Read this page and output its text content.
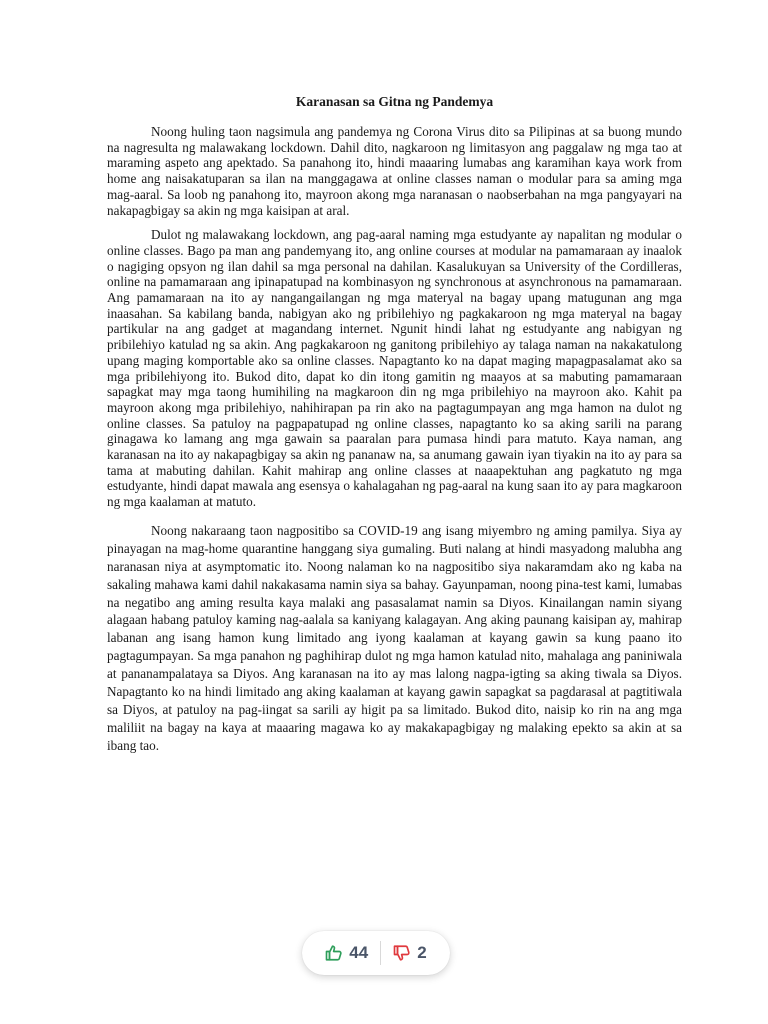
Karanasan sa Gitna ng Pandemya

Noong huling taon nagsimula ang pandemya ng Corona Virus dito sa Pilipinas at sa buong mundo na nagresulta ng malawakang lockdown. Dahil dito, nagkaroon ng limitasyon ang paggalaw ng mga tao at maraming aspeto ang apektado. Sa panahong ito, hindi maaaring lumabas ang karamihan kaya work from home ang naisakatuparan sa ilan na manggagawa at online classes naman o modular para sa aming mga mag-aaral. Sa loob ng panahong ito, mayroon akong mga naranasan o naobserbahan na mga pangyayari na nakapagbigay sa akin ng mga kaisipan at aral.

Dulot ng malawakang lockdown, ang pag-aaral naming mga estudyante ay napalitan ng modular o online classes. Bago pa man ang pandemyang ito, ang online courses at modular na pamamaraan ay inaalok o nagiging opsyon ng ilan dahil sa mga personal na dahilan. Kasalukuyan sa University of the Cordilleras, online na pamamaraan ang ipinapatupad na kombinasyon ng synchronous at asynchronous na pamamaraan. Ang pamamaraan na ito ay nangangailangan ng mga materyal na bagay upang matugunan ang mga inaasahan. Sa kabilang banda, nabigyan ako ng pribilehiyo ng pagkakaroon ng mga materyal na bagay partikular na ang gadget at magandang internet. Ngunit hindi lahat ng estudyante ang nabigyan ng pribilehiyo katulad ng sa akin. Ang pagkakaroon ng ganitong pribilehiyo ay talaga naman na nakakatulong upang maging komportable ako sa online classes. Napagtanto ko na dapat maging mapagpasalamat ako sa mga pribilehiyong ito. Bukod dito, dapat ko din itong gamitin ng maayos at sa mabuting pamamaraan sapagkat may mga taong humihiling na magkaroon din ng mga pribilehiyo na mayroon ako. Kahit pa mayroon akong mga pribilehiyo, nahihirapan pa rin ako na pagtagumpayan ang mga hamon na dulot ng online classes. Sa patuloy na pagpapatupad ng online classes, napagtanto ko sa aking sarili na parang ginagawa ko lamang ang mga gawain sa paaralan para pumasa hindi para matuto. Kaya naman, ang karanasan na ito ay nakapagbigay sa akin ng pananaw na, sa anumang gawain iyan tiyakin na ito ay para sa tama at mabuting dahilan. Kahit mahirap ang online classes at naaapektuhan ang pagkatuto ng mga estudyante, hindi dapat mawala ang esensya o kahalagahan ng pag-aaral na kung saan ito ay para magkaroon ng mga kaalaman at matuto.

Noong nakaraang taon nagpositibo sa COVID-19 ang isang miyembro ng aming pamilya. Siya ay pinayagan na mag-home quarantine hanggang siya gumaling. Buti nalang at hindi masyadong malubha ang naranasan niya at asymptomatic ito. Noong nalaman ko na nagpositibo siya nakaramdam ako ng kaba na sakaling mahawa kami dahil nakakasama namin siya sa bahay. Gayunpaman, noong pina-test kami, lumabas na negatibo ang aming resulta kaya malaki ang pasasalamat namin sa Diyos. Kinailangan namin siyang alagaan habang patuloy kaming nag-aalala sa kaniyang kalagayan. Ang aking paunang kaisipan ay, mahirap labanan ang isang hamon kung limitado ang iyong kaalaman at kayang gawin sa kung paano ito pagtagumpayan. Sa mga panahon ng paghihirap dulot ng mga hamon katulad nito, mahalaga ang paniniwala at pananampalataya sa Diyos. Ang karanasan na ito ay mas lalong nagpa-igting sa aking tiwala sa Diyos. Napagtanto ko na hindi limitado ang aking kaalaman at kayang gawin sapagkat sa pagdarasal at pagtitiwala sa Diyos, at patuloy na pag-iingat sa sarili ay higit pa sa limitado. Bukod dito, naisip ko rin na ang mga maliliit na bagay na kaya at maaaring magawa ko ay makakapagbigay ng malaking epekto sa akin at sa ibang tao.

44	2
